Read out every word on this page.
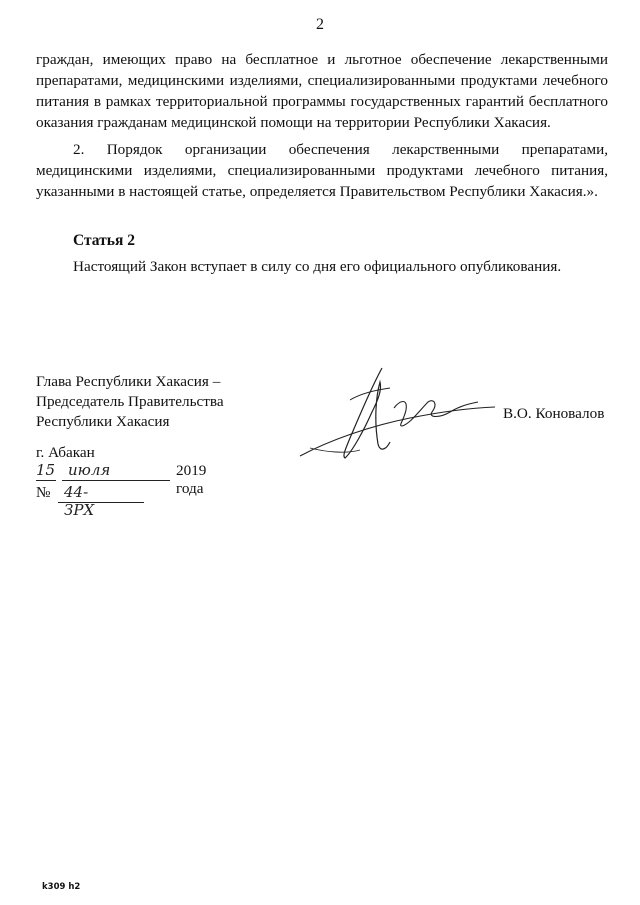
2
граждан, имеющих право на бесплатное и льготное обеспечение лекарственными препаратами, медицинскими изделиями, специализированными продуктами лечебного питания в рамках территориальной программы государственных гарантий бесплатного оказания гражданам медицинской помощи на территории Республики Хакасия.
2. Порядок организации обеспечения лекарственными препаратами, медицинскими изделиями, специализированными продуктами лечебного питания, указанными в настоящей статье, определяется Правительством Республики Хакасия.».
Статья 2
Настоящий Закон вступает в силу со дня его официального опубликования.
Глава Республики Хакасия –
Председатель Правительства
Республики Хакасия	В.О. Коновалов
г. Абакан
15 июля	2019 года
№ 44-ЗРХ
k309 h2
